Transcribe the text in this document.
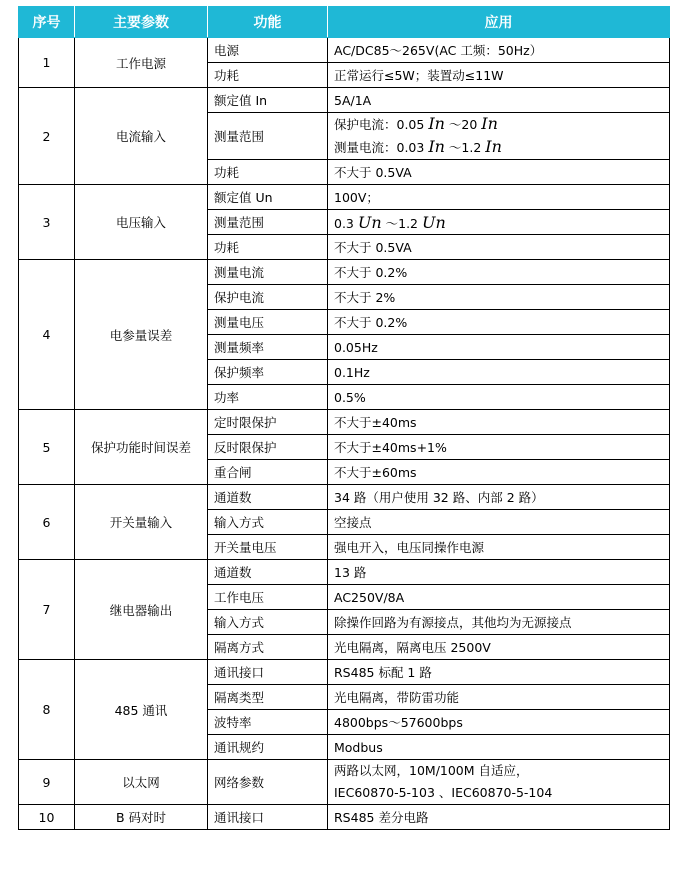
序号	主要参数	功能	应用
1	工作电源	电源	AC/DC85～265V(AC 工频：50Hz）
		功耗	正常运行≤5W；装置动≤11W
2	电流输入	额定值 In	5A/1A
		测量范围	保护电流：0.05 In ～20 In
测量电流：0.03 In ～1.2 In

		功耗	不大于 0.5VA
3	电压输入	额定值 Un	100V；
		测量范围	0.3 Un ～1.2 Un
		功耗	不大于 0.5VA
4	电参量误差	测量电流	不大于 0.2%
		保护电流	不大于 2%
		测量电压	不大于 0.2%
		测量频率	0.05Hz
		保护频率	0.1Hz
		功率	0.5%
5	保护功能时间误差	定时限保护	不大于±40ms
		反时限保护	不大于±40ms+1%
		重合闸	不大于±60ms
6	开关量输入	通道数	34 路（用户使用 32 路、内部 2 路）
		输入方式	空接点
		开关量电压	强电开入，电压同操作电源
7	继电器输出	通道数	13 路
		工作电压	AC250V/8A
		输入方式	除操作回路为有源接点，其他均为无源接点
		隔离方式	光电隔离，隔离电压 2500V
8	485 通讯	通讯接口	RS485 标配 1 路
		隔离类型	光电隔离，带防雷功能
		波特率	4800bps～57600bps
		通讯规约	Modbus
9	以太网	网络参数	两路以太网，10M/100M 自适应，
IEC60870-5-103 、IEC60870-5-104

10	B 码对时	通讯接口	RS485 差分电路
